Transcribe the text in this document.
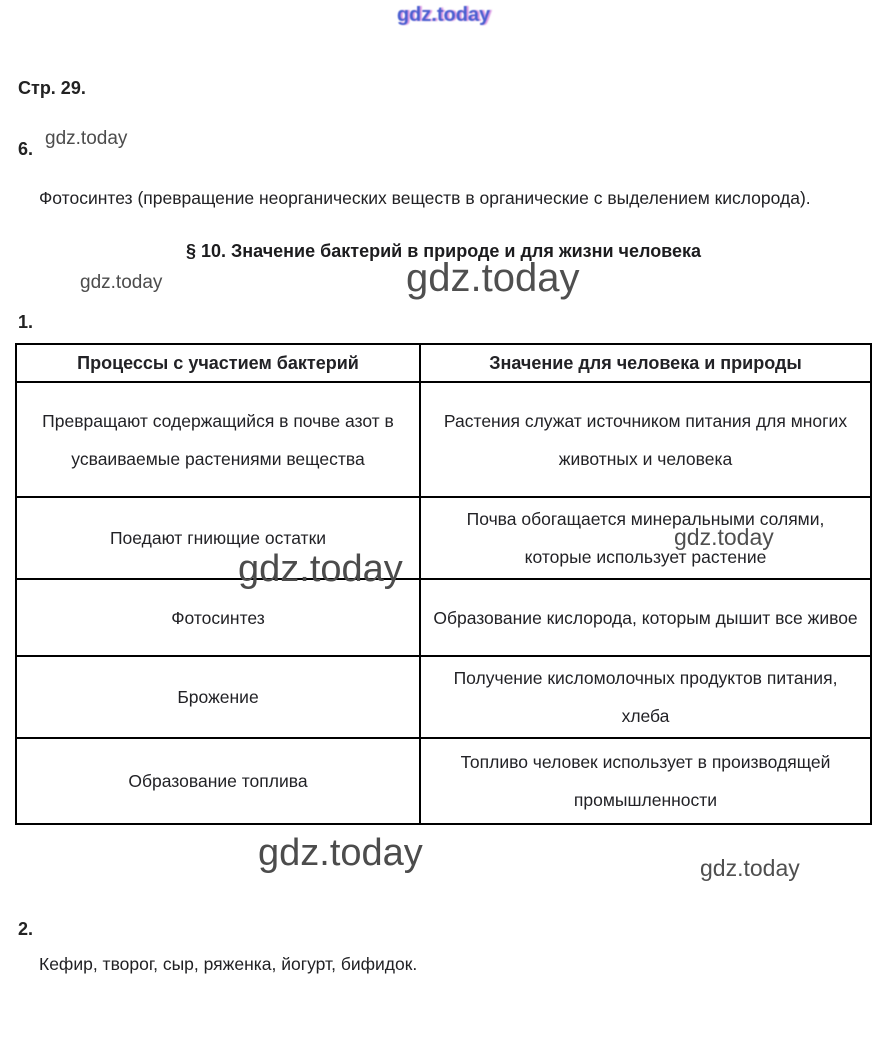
gdz.today
gdz.today
gdz.today	gdz.today
gdz.today
gdz.today
gdz.today	gdz.today
Стр. 29.
6.

Фотосинтез (превращение неорганических веществ в органические с выделением кислорода).

§ 10. Значение бактерий в природе и для жизни человека
1.
Процессы с участием бактерий	Значение для человека и природы
Превращают содержащийся в почве азот в усваиваемые растениями вещества	Растения служат источником питания для многих животных и человека
Поедают гниющие остатки	Почва обогащается минеральными солями, которые использует растение
Фотосинтез	Образование кислорода, которым дышит все живое
Брожение	Получение кисломолочных продуктов питания, хлеба
Образование топлива	Топливо человек использует в производящей промышленности
2.

Кефир, творог, сыр, ряженка, йогурт, бифидок.
